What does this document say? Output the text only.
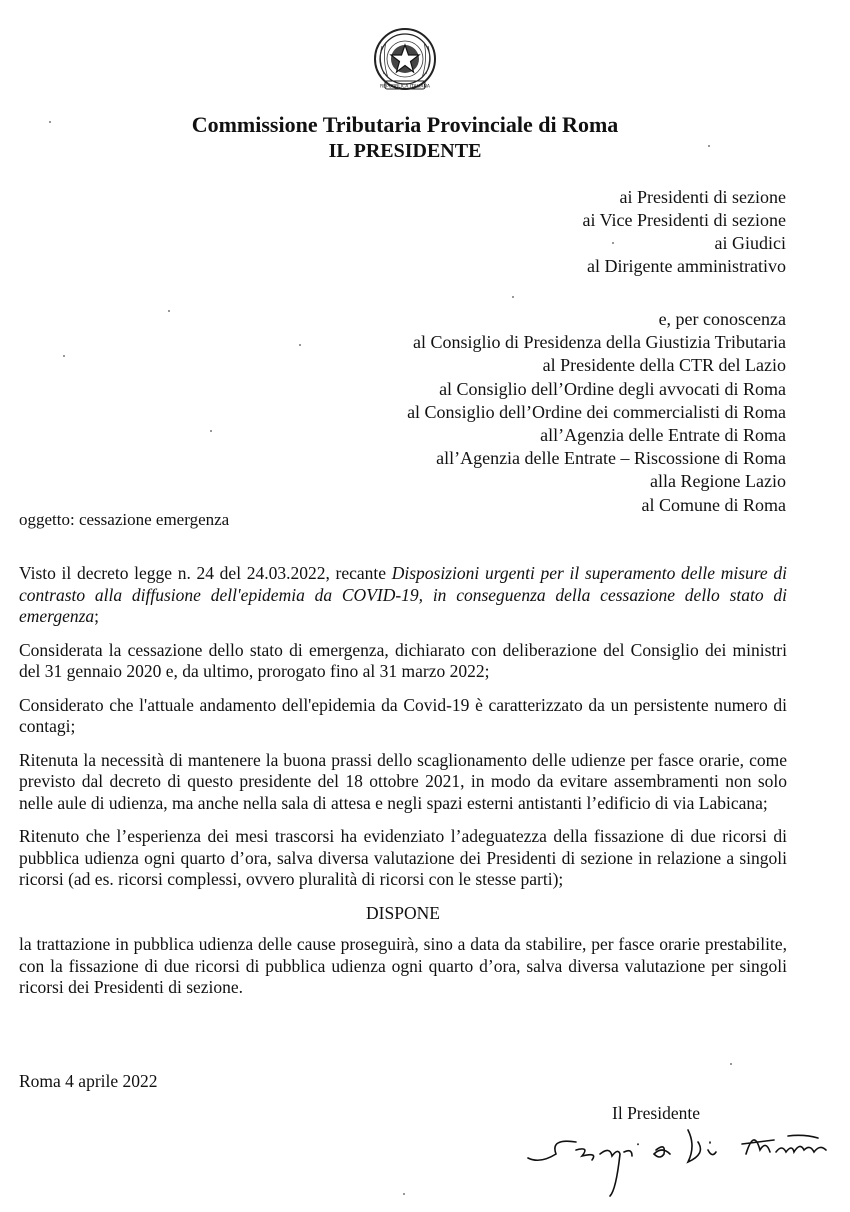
REPUBBLICA ITALIANA
Commissione Tributaria Provinciale di Roma
IL PRESIDENTE
ai Presidenti di sezione
ai Vice Presidenti di sezione
ai Giudici
al Dirigente amministrativo
e, per conoscenza
al Consiglio di Presidenza della Giustizia Tributaria
al Presidente della CTR del Lazio
al Consiglio dell’Ordine degli avvocati di Roma
al Consiglio dell’Ordine dei commercialisti di Roma
all’Agenzia delle Entrate di Roma
all’Agenzia delle Entrate – Riscossione di Roma
alla Regione Lazio
al Comune di Roma
oggetto: cessazione emergenza

Visto il decreto legge n. 24 del 24.03.2022, recante Disposizioni urgenti per il superamento delle misure di contrasto alla diffusione dell'epidemia da COVID-19, in conseguenza della cessazione dello stato di emergenza;

Considerata la cessazione dello stato di emergenza, dichiarato con deliberazione del Consiglio dei ministri del 31 gennaio 2020 e, da ultimo, prorogato fino al 31 marzo 2022;

Considerato che l'attuale andamento dell'epidemia da Covid-19 è caratterizzato da un persistente numero di contagi;

Ritenuta la necessità di mantenere la buona prassi dello scaglionamento delle udienze per fasce orarie, come previsto dal decreto di questo presidente del 18 ottobre 2021, in modo da evitare assembramenti non solo nelle aule di udienza, ma anche nella sala di attesa e negli spazi esterni antistanti l’edificio di via Labicana;

Ritenuto che l’esperienza dei mesi trascorsi ha evidenziato l’adeguatezza della fissazione di due ricorsi di pubblica udienza ogni quarto d’ora, salva diversa valutazione dei Presidenti di sezione in relazione a singoli ricorsi (ad es. ricorsi complessi, ovvero pluralità di ricorsi con le stesse parti);

DISPONE

la trattazione in pubblica udienza delle cause proseguirà, sino a data da stabilire, per fasce orarie prestabilite, con la fissazione di due ricorsi di pubblica udienza ogni quarto d’ora, salva diversa valutazione per singoli ricorsi dei Presidenti di sezione.

Roma 4 aprile 2022
Il Presidente
